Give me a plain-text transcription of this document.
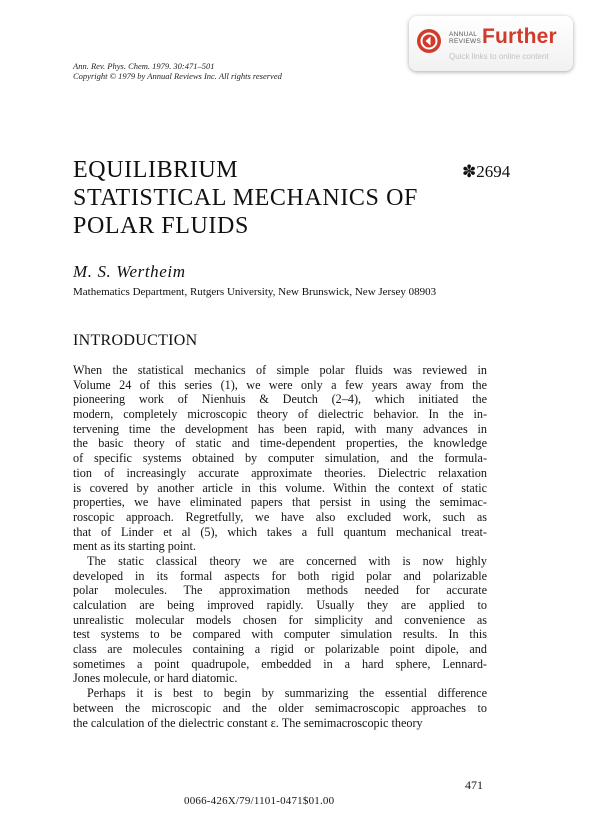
ANNUAL
REVIEWS Further
Quick links to online content
Ann. Rev. Phys. Chem. 1979. 30:471–501
Copyright © 1979 by Annual Reviews Inc. All rights reserved
EQUILIBRIUM
STATISTICAL MECHANICS OF
POLAR FLUIDS
✽2694
M. S. Wertheim
Mathematics Department, Rutgers University, New Brunswick, New Jersey 08903
INTRODUCTION
When the statistical mechanics of simple polar fluids was reviewed in
Volume 24 of this series (1), we were only a few years away from the
pioneering work of Nienhuis & Deutch (2–4), which initiated the
modern, completely microscopic theory of dielectric behavior. In the in-
tervening time the development has been rapid, with many advances in
the basic theory of static and time-dependent properties, the knowledge
of specific systems obtained by computer simulation, and the formula-
tion of increasingly accurate approximate theories. Dielectric relaxation
is covered by another article in this volume. Within the context of static
properties, we have eliminated papers that persist in using the semimac-
roscopic approach. Regretfully, we have also excluded work, such as
that of Linder et al (5), which takes a full quantum mechanical treat-
ment as its starting point.
The static classical theory we are concerned with is now highly
developed in its formal aspects for both rigid polar and polarizable
polar molecules. The approximation methods needed for accurate
calculation are being improved rapidly. Usually they are applied to
unrealistic molecular models chosen for simplicity and convenience as
test systems to be compared with computer simulation results. In this
class are molecules containing a rigid or polarizable point dipole, and
sometimes a point quadrupole, embedded in a hard sphere, Lennard-
Jones molecule, or hard diatomic.
Perhaps it is best to begin by summarizing the essential difference
between the microscopic and the older semimacroscopic approaches to
the calculation of the dielectric constant ε. The semimacroscopic theory
471
0066-426X/79/1101-0471$01.00
